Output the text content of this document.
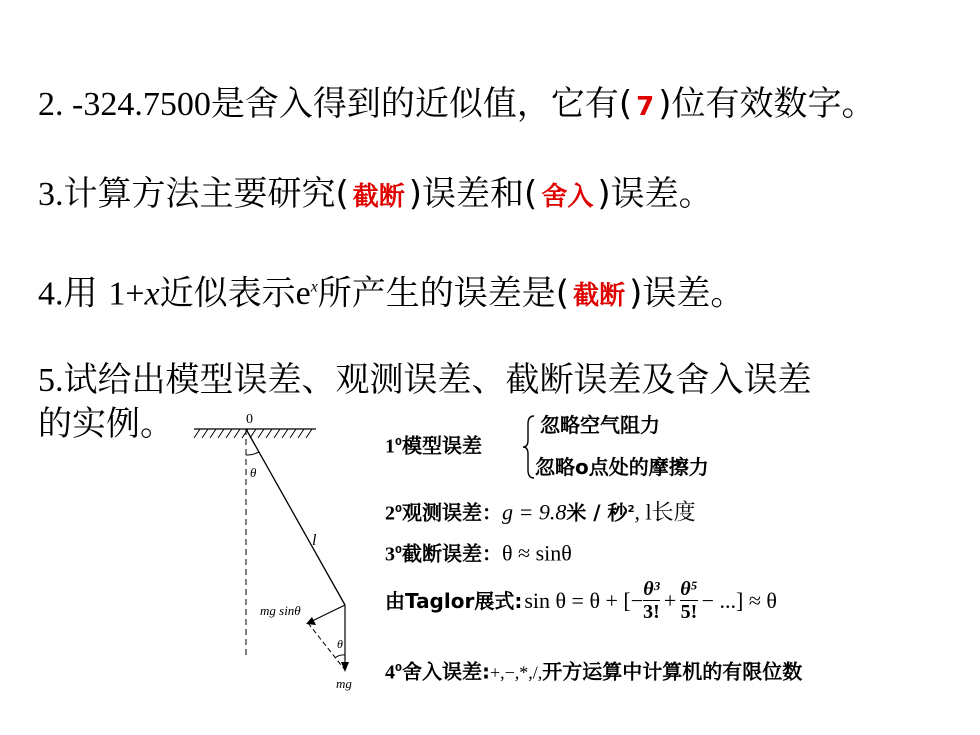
2. -324.7500是舍入得到的近似值，它有( 7 )位有效数字。
3.计算方法主要研究( 截断 )误差和( 舍入 )误差。
4.用 1+x近似表示$e^x$所产生的误差是( 截断 )误差。
5.试给出模型误差、观测误差、截断误差及舍入误差
的实例。	0
θ
l
mg sinθ
θ
mg
$1^0$模型误差
忽略空气阻力
忽略o点处的摩擦力
$2^0$观测误差：g = 9.8米 / 秒$^2$, l长度
$3^0$截断误差：θ ≈ sinθ
由Taglor展式: sin θ = θ + [− $\frac{\text{θ³}}{3!} + \frac{\text{θ⁵}}{5!}$ − ...] ≈ θ
$4^0$舍入误差:+,−,*,/,开方运算中计算机的有限位数
